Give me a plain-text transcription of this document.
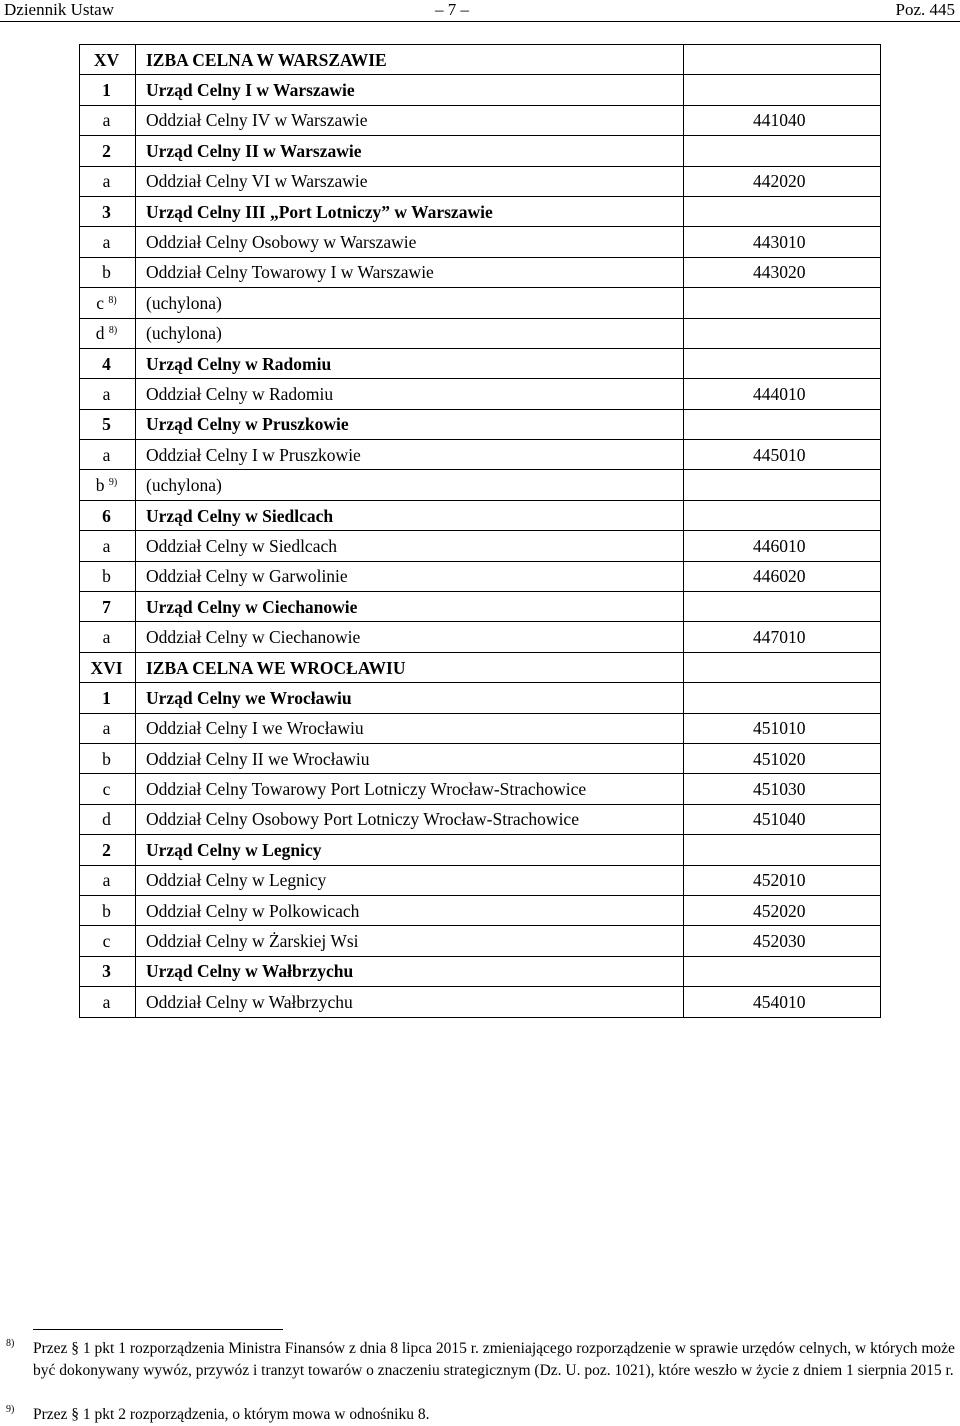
Dziennik Ustaw	– 7 –	Poz. 445
XV	IZBA CELNA W WARSZAWIE	
1	Urząd Celny I w Warszawie	
a	Oddział Celny IV w Warszawie	441040
2	Urząd Celny II w Warszawie	
a	Oddział Celny VI w Warszawie	442020
3	Urząd Celny III „Port Lotniczy” w Warszawie	
a	Oddział Celny Osobowy w Warszawie	443010
b	Oddział Celny Towarowy I w Warszawie	443020
c $^{8)}$	(uchylona)	
d $^{8)}$	(uchylona)	
4	Urząd Celny w Radomiu	
a	Oddział Celny w Radomiu	444010
5	Urząd Celny w Pruszkowie	
a	Oddział Celny I w Pruszkowie	445010
b $^{9)}$	(uchylona)	
6	Urząd Celny w Siedlcach	
a	Oddział Celny w Siedlcach	446010
b	Oddział Celny w Garwolinie	446020
7	Urząd Celny w Ciechanowie	
a	Oddział Celny w Ciechanowie	447010
XVI	IZBA CELNA WE WROCŁAWIU	
1	Urząd Celny we Wrocławiu	
a	Oddział Celny I we Wrocławiu	451010
b	Oddział Celny II we Wrocławiu	451020
c	Oddział Celny Towarowy Port Lotniczy Wrocław-Strachowice	451030
d	Oddział Celny Osobowy Port Lotniczy Wrocław-Strachowice	451040
2	Urząd Celny w Legnicy	
a	Oddział Celny w Legnicy	452010
b	Oddział Celny w Polkowicach	452020
c	Oddział Celny w Żarskiej Wsi	452030
3	Urząd Celny w Wałbrzychu	
a	Oddział Celny w Wałbrzychu	454010
8) Przez § 1 pkt 1 rozporządzenia Ministra Finansów z dnia 8 lipca 2015 r. zmieniającego rozporządzenie w sprawie urzędów celnych, w których może być dokonywany wywóz, przywóz i tranzyt towarów o znaczeniu strategicznym (Dz. U. poz. 1021), które weszło w życie z dniem 1 sierpnia 2015 r.
9) Przez § 1 pkt 2 rozporządzenia, o którym mowa w odnośniku 8.
